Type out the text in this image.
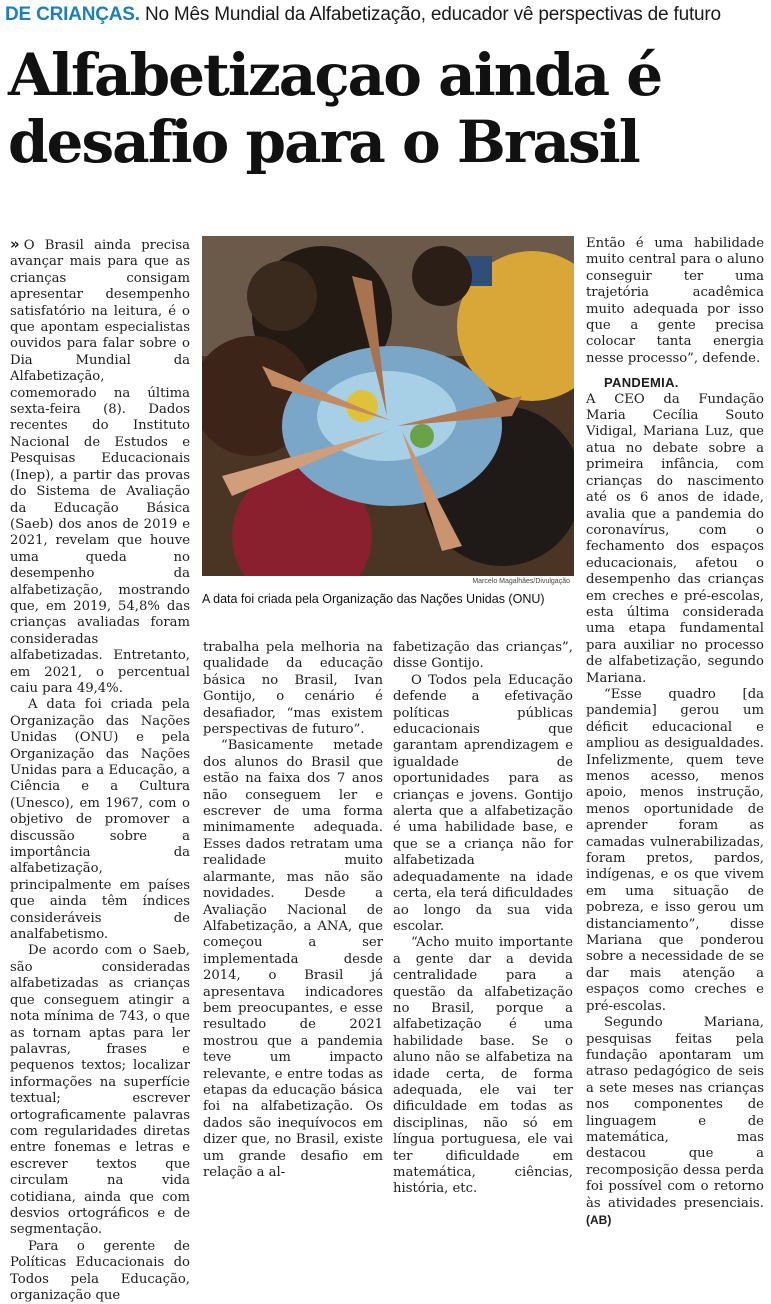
DE CRIANÇAS. No Mês Mundial da Alfabetização, educador vê perspectivas de futuro
Alfabetizaçao ainda é desafio para o Brasil

» O Brasil ainda precisa avançar mais para que as crianças consigam apresentar desempenho satisfatório na leitura, é o que apontam especialistas ouvidos para falar sobre o Dia Mundial da Alfabetização, comemorado na última sexta-feira (8). Dados recentes do Instituto Nacional de Estudos e Pesquisas Educacionais (Inep), a partir das provas do Sistema de Avaliação da Educação Básica (Saeb) dos anos de 2019 e 2021, revelam que houve uma queda no desempenho da alfabetização, mostrando que, em 2019, 54,8% das crianças avaliadas foram consideradas alfabetizadas. Entretanto, em 2021, o percentual caiu para 49,4%.

A data foi criada pela Organização das Nações Unidas (ONU) e pela Organização das Nações Unidas para a Educação, a Ciência e a Cultura (Unesco), em 1967, com o objetivo de promover a discussão sobre a importância da alfabetização, principalmente em países que ainda têm índices consideráveis de analfabetismo.

De acordo com o Saeb, são consideradas alfabetizadas as crianças que conseguem atingir a nota mínima de 743, o que as tornam aptas para ler palavras, frases e pequenos textos; localizar informações na superfície textual; escrever ortograficamente palavras com regularidades diretas entre fonemas e letras e escrever textos que circulam na vida cotidiana, ainda que com desvios ortográficos e de segmentação.

Para o gerente de Políticas Educacionais do Todos pela Educação, organização que

Marcelo Magalhães/Divulgação
A data foi criada pela Organização das Nações Unidas (ONU)

trabalha pela melhoria na qualidade da educação básica no Brasil, Ivan Gontijo, o cenário é desafiador, “mas existem perspectivas de futuro”.

“Basicamente metade dos alunos do Brasil que estão na faixa dos 7 anos não conseguem ler e escrever de uma forma minimamente adequada. Esses dados retratam uma realidade muito alarmante, mas não são novidades. Desde a Avaliação Nacional de Alfabetização, a ANA, que começou a ser implementada desde 2014, o Brasil já apresentava indicadores bem preocupantes, e esse resultado de 2021 mostrou que a pandemia teve um impacto relevante, e entre todas as etapas da educação básica foi na alfabetização. Os dados são inequívocos em dizer que, no Brasil, existe um grande desafio em relação a al-

fabetização das crianças”, disse Gontijo.

O Todos pela Educação defende a efetivação políticas públicas educacionais que garantam aprendizagem e igualdade de oportunidades para as crianças e jovens. Gontijo alerta que a alfabetização é uma habilidade base, e que se a criança não for alfabetizada adequadamente na idade certa, ela terá dificuldades ao longo da sua vida escolar.

“Acho muito importante a gente dar a devida centralidade para a questão da alfabetização no Brasil, porque a alfabetização é uma habilidade base. Se o aluno não se alfabetiza na idade certa, de forma adequada, ele vai ter dificuldade em todas as disciplinas, não só em língua portuguesa, ele vai ter dificuldade em matemática, ciências, história, etc.

Então é uma habilidade muito central para o aluno conseguir ter uma trajetória acadêmica muito adequada por isso que a gente precisa colocar tanta energia nesse processo”, defende.

PANDEMIA.

A CEO da Fundação Maria Cecília Souto Vidigal, Mariana Luz, que atua no debate sobre a primeira infância, com crianças do nascimento até os 6 anos de idade, avalia que a pandemia do coronavírus, com o fechamento dos espaços educacionais, afetou o desempenho das crianças em creches e pré-escolas, esta última considerada uma etapa fundamental para auxiliar no processo de alfabetização, segundo Mariana.

“Esse quadro [da pandemia] gerou um déficit educacional e ampliou as desigualdades. Infelizmente, quem teve menos acesso, menos apoio, menos instrução, menos oportunidade de aprender foram as camadas vulnerabilizadas, foram pretos, pardos, indígenas, e os que vivem em uma situação de pobreza, e isso gerou um distanciamento”, disse Mariana que ponderou sobre a necessidade de se dar mais atenção a espaços como creches e pré-escolas.

Segundo Mariana, pesquisas feitas pela fundação apontaram um atraso pedagógico de seis a sete meses nas crianças nos componentes de linguagem e de matemática, mas destacou que a recomposição dessa perda foi possível com o retorno às atividades presenciais. (AB)
